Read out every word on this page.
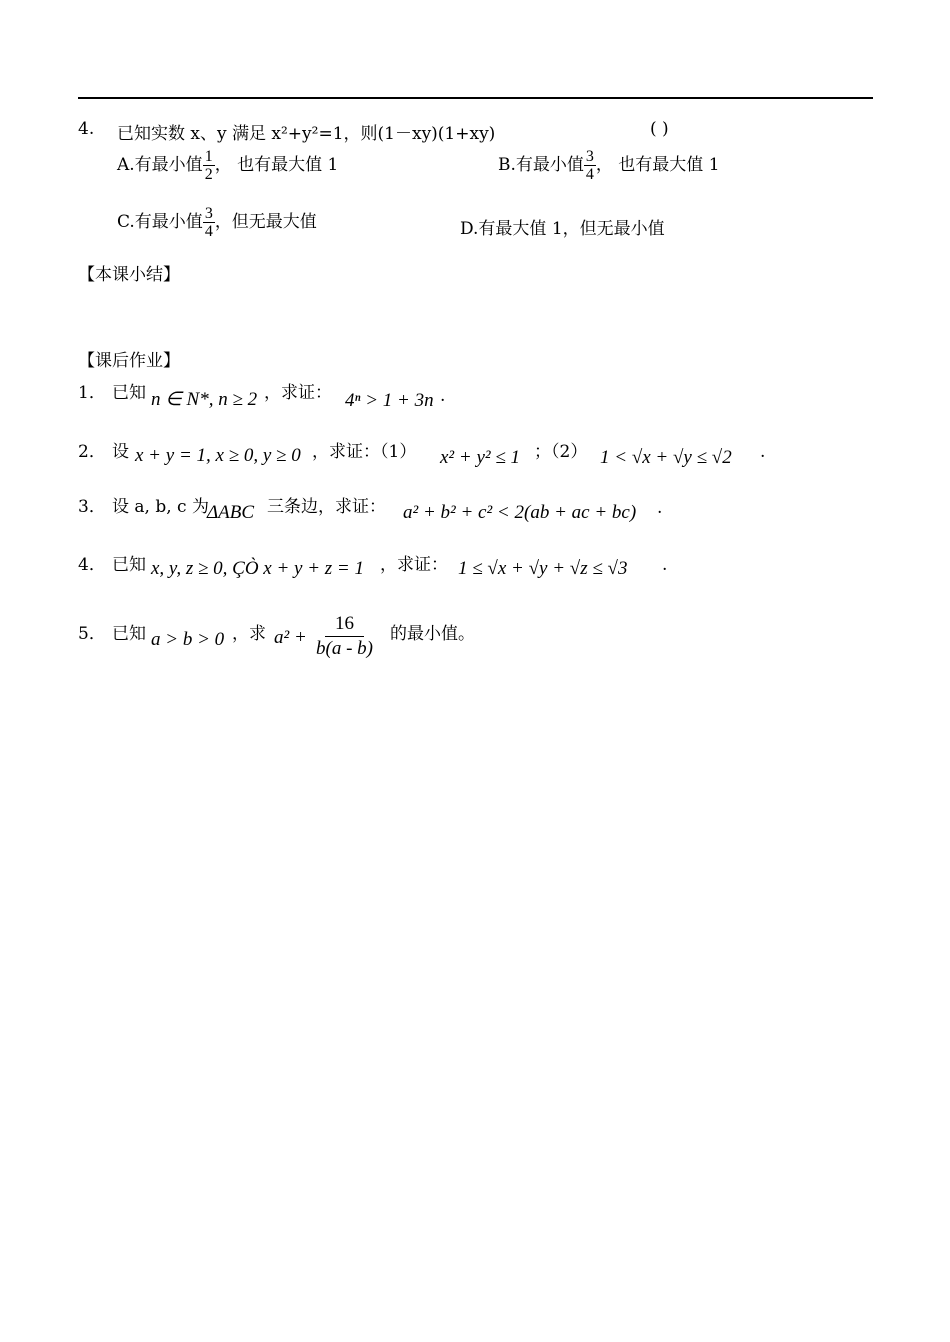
4. 已知实数 x、y 满足 x²+y²=1，则(1－xy)(1+xy)	( )
A.有最小值 $\frac{1}{2}$ ， 也有最大值 1	B.有最小值 $\frac{3}{4}$ ， 也有最大值 1
C.有最小值 $\frac{3}{4}$ ，但无最大值	D.有最大值 1，但无最小值
【本课小结】
【课后作业】
1． 已知 n ∈ N*, n ≥ 2 ，求证： 4ⁿ > 1 + 3n .
2． 设 x + y = 1, x ≥ 0, y ≥ 0 ，求证：（1） x² + y² ≤ 1 ；（2） 1 < √x + √y ≤ √2 .
3． 设 a, b, c 为
ΔABC 三条边，求证： a² + b² + c² < 2(ab + ac + bc) .
4． 已知 x, y, z ≥ 0, ÇÒ x + y + z = 1 ，求证： 1 ≤ √x + √y + √z ≤ √3 .
5． 已知 a > b > 0 ，求 $a^2 + \frac{16}{b(a - b)}$ 的最小值。
